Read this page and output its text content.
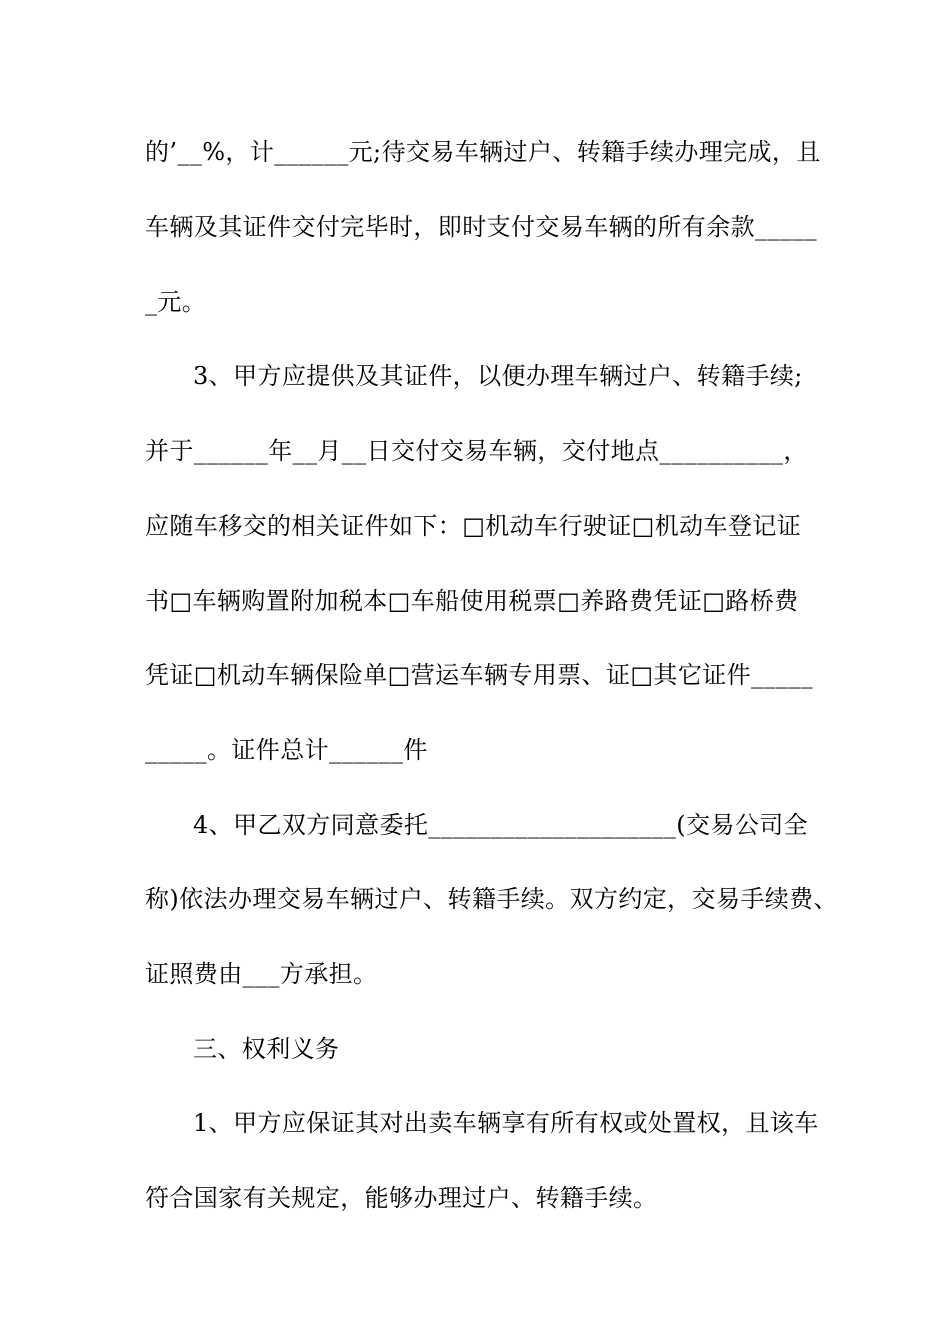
的’__%，计______元;待交易车辆过户、转籍手续办理完成，且
车辆及其证件交付完毕时，即时支付交易车辆的所有余款_____
_元。
3、甲方应提供及其证件，以便办理车辆过户、转籍手续;
并于______年__月__日交付交易车辆，交付地点__________，
应随车移交的相关证件如下：□机动车行驶证□机动车登记证
书□车辆购置附加税本□车船使用税票□养路费凭证□路桥费
凭证□机动车辆保险单□营运车辆专用票、证□其它证件_____
_____。证件总计______件
4、甲乙双方同意委托____________________(交易公司全
称)依法办理交易车辆过户、转籍手续。双方约定，交易手续费、
证照费由___方承担。
三、权利义务
1、甲方应保证其对出卖车辆享有所有权或处置权，且该车
符合国家有关规定，能够办理过户、转籍手续。
